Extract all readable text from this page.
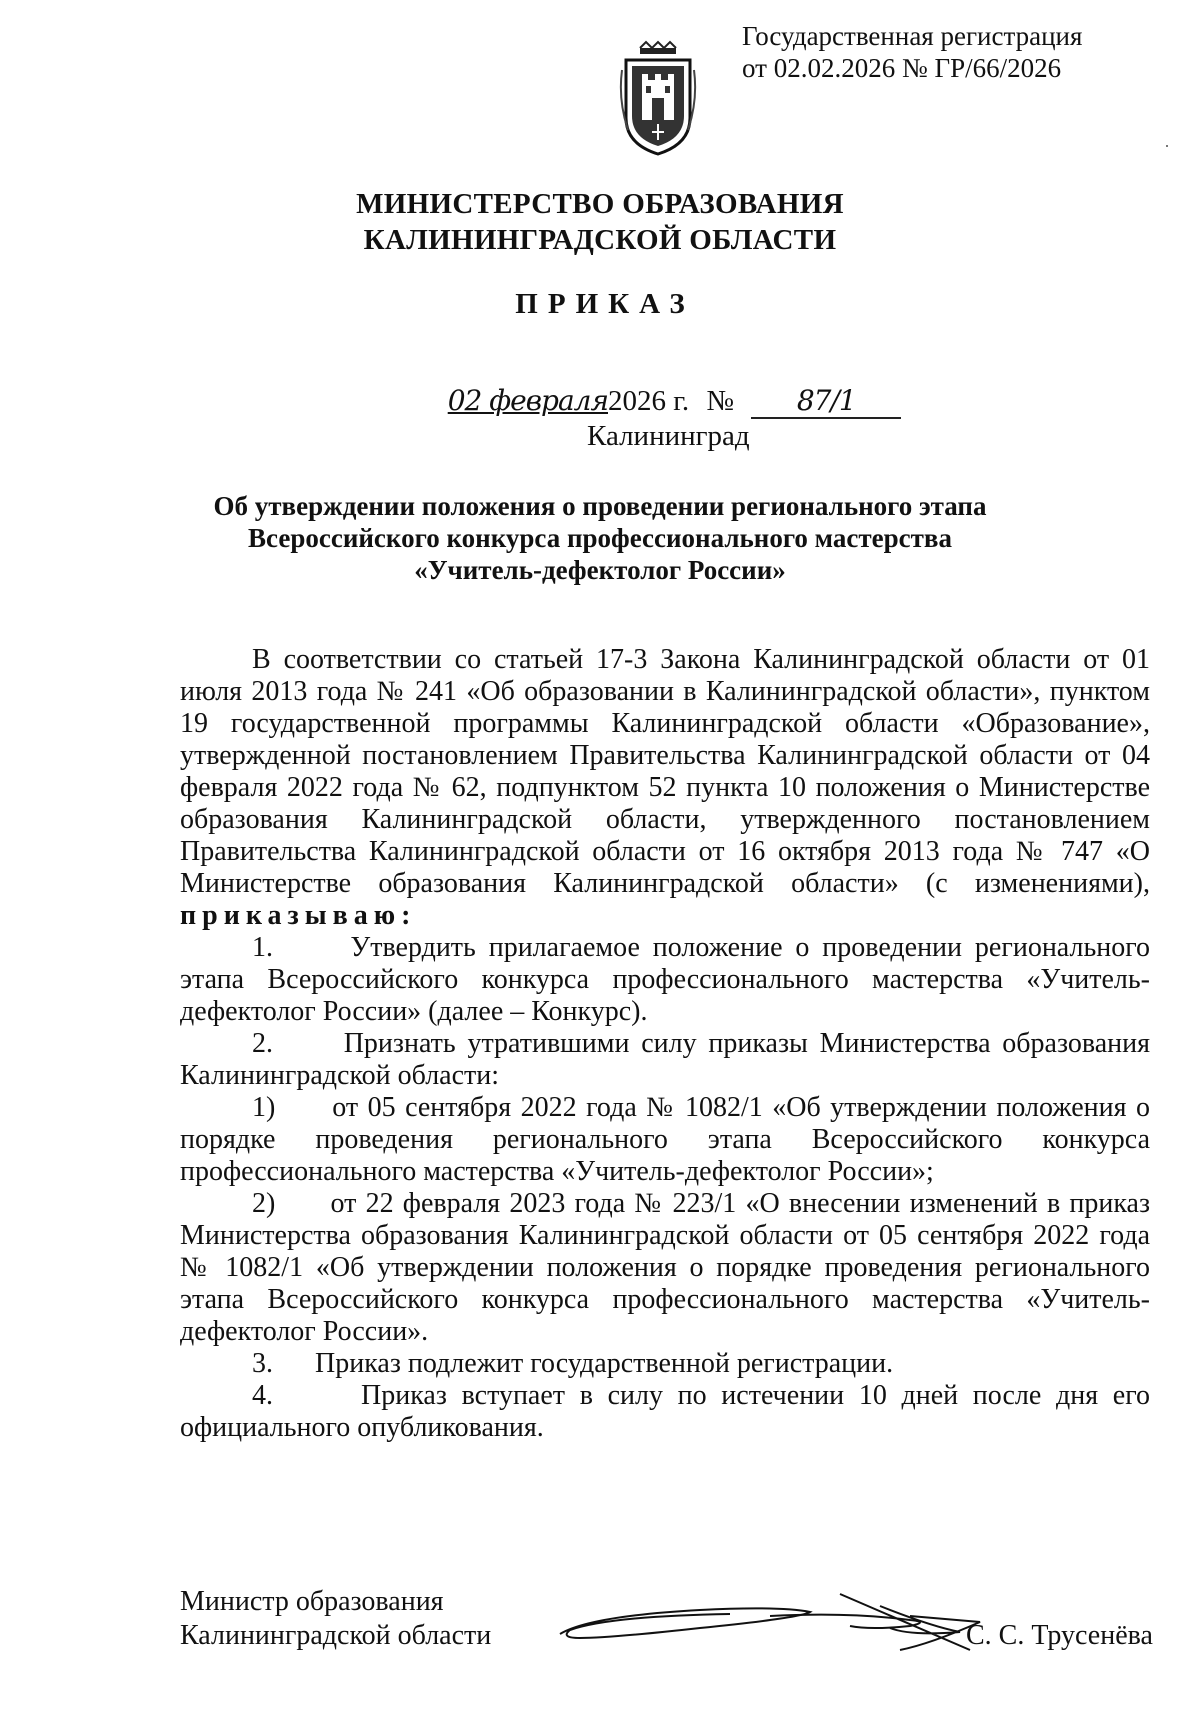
Государственная регистрация
от 02.02.2026 № ГР/66/2026
МИНИСТЕРСТВО ОБРАЗОВАНИЯ
КАЛИНИНГРАДСКОЙ ОБЛАСТИ
ПРИКАЗ
02 февраля2026 г. № 87/1
Калининград
Об утверждении положения о проведении регионального этапа
Всероссийского конкурса профессионального мастерства
«Учитель-дефектолог России»

В соответствии со статьей 17-3 Закона Калининградской области от 01 июля 2013 года № 241 «Об образовании в Калининградской области», пунктом 19 государственной программы Калининградской области «Образование», утвержденной постановлением Правительства Калининградской области от 04 февраля 2022 года № 62, подпунктом 52 пункта 10 положения о Министерстве образования Калининградской области, утвержденного постановлением Правительства Калининградской области от 16 октября 2013 года № 747 «О Министерстве образования Калининградской области» (с изменениями), приказываю:

1.      Утвердить прилагаемое положение о проведении регионального этапа Всероссийского конкурса профессионального мастерства «Учитель-дефектолог России» (далее – Конкурс).

2.      Признать утратившими силу приказы Министерства образования Калининградской области:

1)      от 05 сентября 2022 года № 1082/1 «Об утверждении положения о порядке проведения регионального этапа Всероссийского конкурса профессионального мастерства «Учитель-дефектолог России»;

2)      от 22 февраля 2023 года № 223/1 «О внесении изменений в приказ Министерства образования Калининградской области от 05 сентября 2022 года № 1082/1 «Об утверждении положения о порядке проведения регионального этапа Всероссийского конкурса профессионального мастерства «Учитель-дефектолог России».

3.      Приказ подлежит государственной регистрации.

4.      Приказ вступает в силу по истечении 10 дней после дня его официального опубликования.

Министр образования
Калининградской области	С. С. Трусенёва
